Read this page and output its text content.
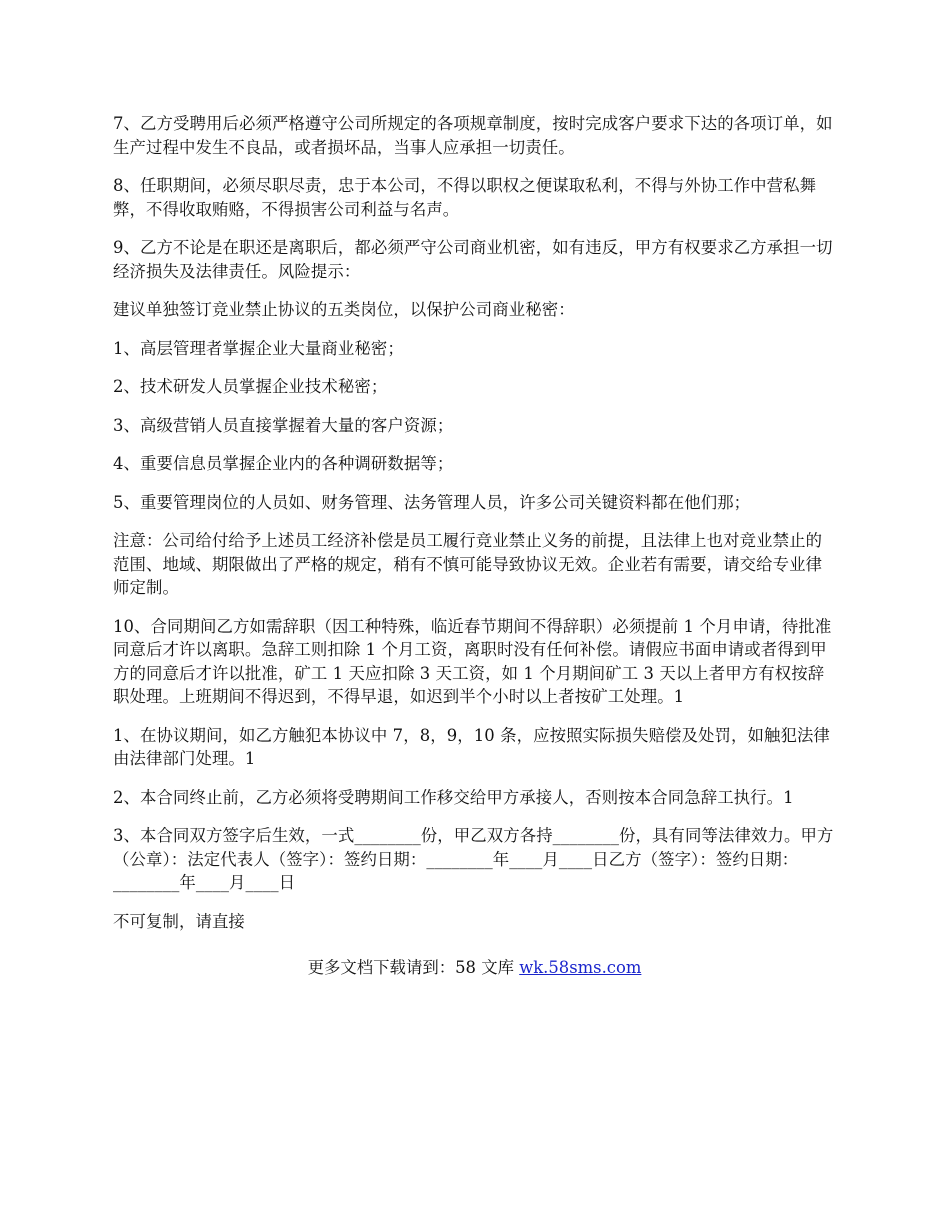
7、乙方受聘用后必须严格遵守公司所规定的各项规章制度，按时完成客户要求下达的各项订单，如生产过程中发生不良品，或者损坏品，当事人应承担一切责任。

8、任职期间，必须尽职尽责，忠于本公司，不得以职权之便谋取私利，不得与外协工作中营私舞弊，不得收取贿赂，不得损害公司利益与名声。

9、乙方不论是在职还是离职后，都必须严守公司商业机密，如有违反，甲方有权要求乙方承担一切经济损失及法律责任。风险提示：

建议单独签订竞业禁止协议的五类岗位，以保护公司商业秘密：

1、高层管理者掌握企业大量商业秘密；

2、技术研发人员掌握企业技术秘密；

3、高级营销人员直接掌握着大量的客户资源；

4、重要信息员掌握企业内的各种调研数据等；

5、重要管理岗位的人员如、财务管理、法务管理人员，许多公司关键资料都在他们那；

注意：公司给付给予上述员工经济补偿是员工履行竞业禁止义务的前提，且法律上也对竞业禁止的范围、地域、期限做出了严格的规定，稍有不慎可能导致协议无效。企业若有需要，请交给专业律师定制。

10、合同期间乙方如需辞职（因工种特殊，临近春节期间不得辞职）必须提前 1 个月申请，待批准同意后才许以离职。急辞工则扣除 1 个月工资，离职时没有任何补偿。请假应书面申请或者得到甲方的同意后才许以批准，矿工 1 天应扣除 3 天工资，如 1 个月期间矿工 3 天以上者甲方有权按辞职处理。上班期间不得迟到，不得早退，如迟到半个小时以上者按矿工处理。1

1、在协议期间，如乙方触犯本协议中 7，8，9，10 条，应按照实际损失赔偿及处罚，如触犯法律由法律部门处理。1

2、本合同终止前，乙方必须将受聘期间工作移交给甲方承接人，否则按本合同急辞工执行。1

3、本合同双方签字后生效，一式________份，甲乙双方各持________份，具有同等法律效力。甲方（公章）：法定代表人（签字）：签约日期：________年____月____日乙方（签字）：签约日期：________年____月____日

不可复制，请直接

更多文档下载请到：58 文库 wk.58sms.com
